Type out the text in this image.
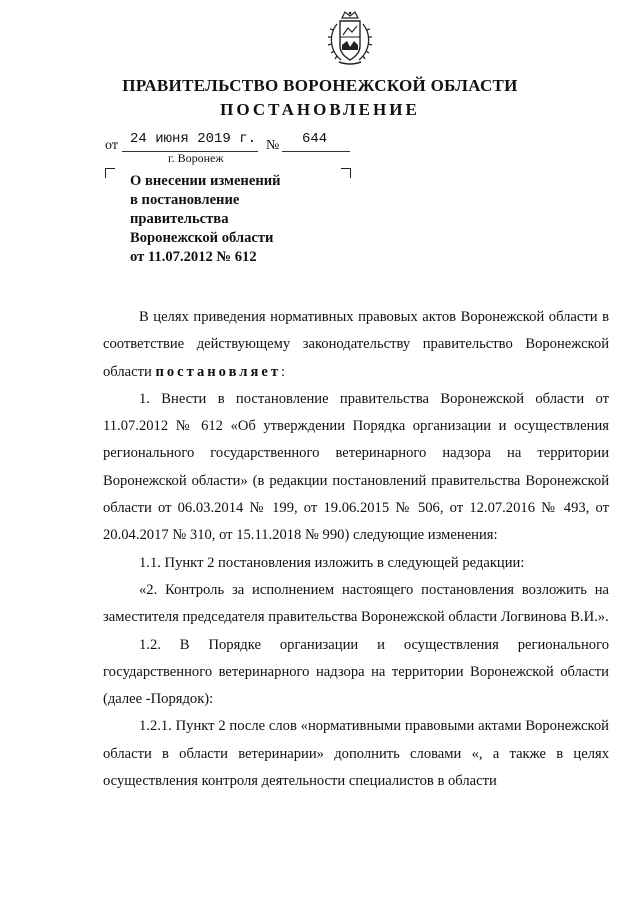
ПРАВИТЕЛЬСТВО ВОРОНЕЖСКОЙ ОБЛАСТИ
ПОСТАНОВЛЕНИЕ
от 24 июня 2019 г. № 644
г. Воронеж
О внесении изменений
в постановление
правительства
Воронежской области
от 11.07.2012 № 612

В целях приведения нормативных правовых актов Воронежской области в соответствие действующему законодательству правительство Воронежской области постановляет:

1. Внести в постановление правительства Воронежской области от 11.07.2012 № 612 «Об утверждении Порядка организации и осуществления регионального государственного ветеринарного надзора на территории Воронежской области» (в редакции постановлений правительства Воронежской области от 06.03.2014 № 199, от 19.06.2015 № 506, от 12.07.2016 № 493, от 20.04.2017 № 310, от 15.11.2018 № 990) следующие изменения:

1.1. Пункт 2 постановления изложить в следующей редакции:

«2. Контроль за исполнением настоящего постановления возложить на заместителя председателя правительства Воронежской области Логвинова В.И.».

1.2. В Порядке организации и осуществления регионального государственного ветеринарного надзора на территории Воронежской области (далее -Порядок):

1.2.1. Пункт 2 после слов «нормативными правовыми актами Воронежской области в области ветеринарии» дополнить словами «, а также в целях осуществления контроля деятельности специалистов в области
